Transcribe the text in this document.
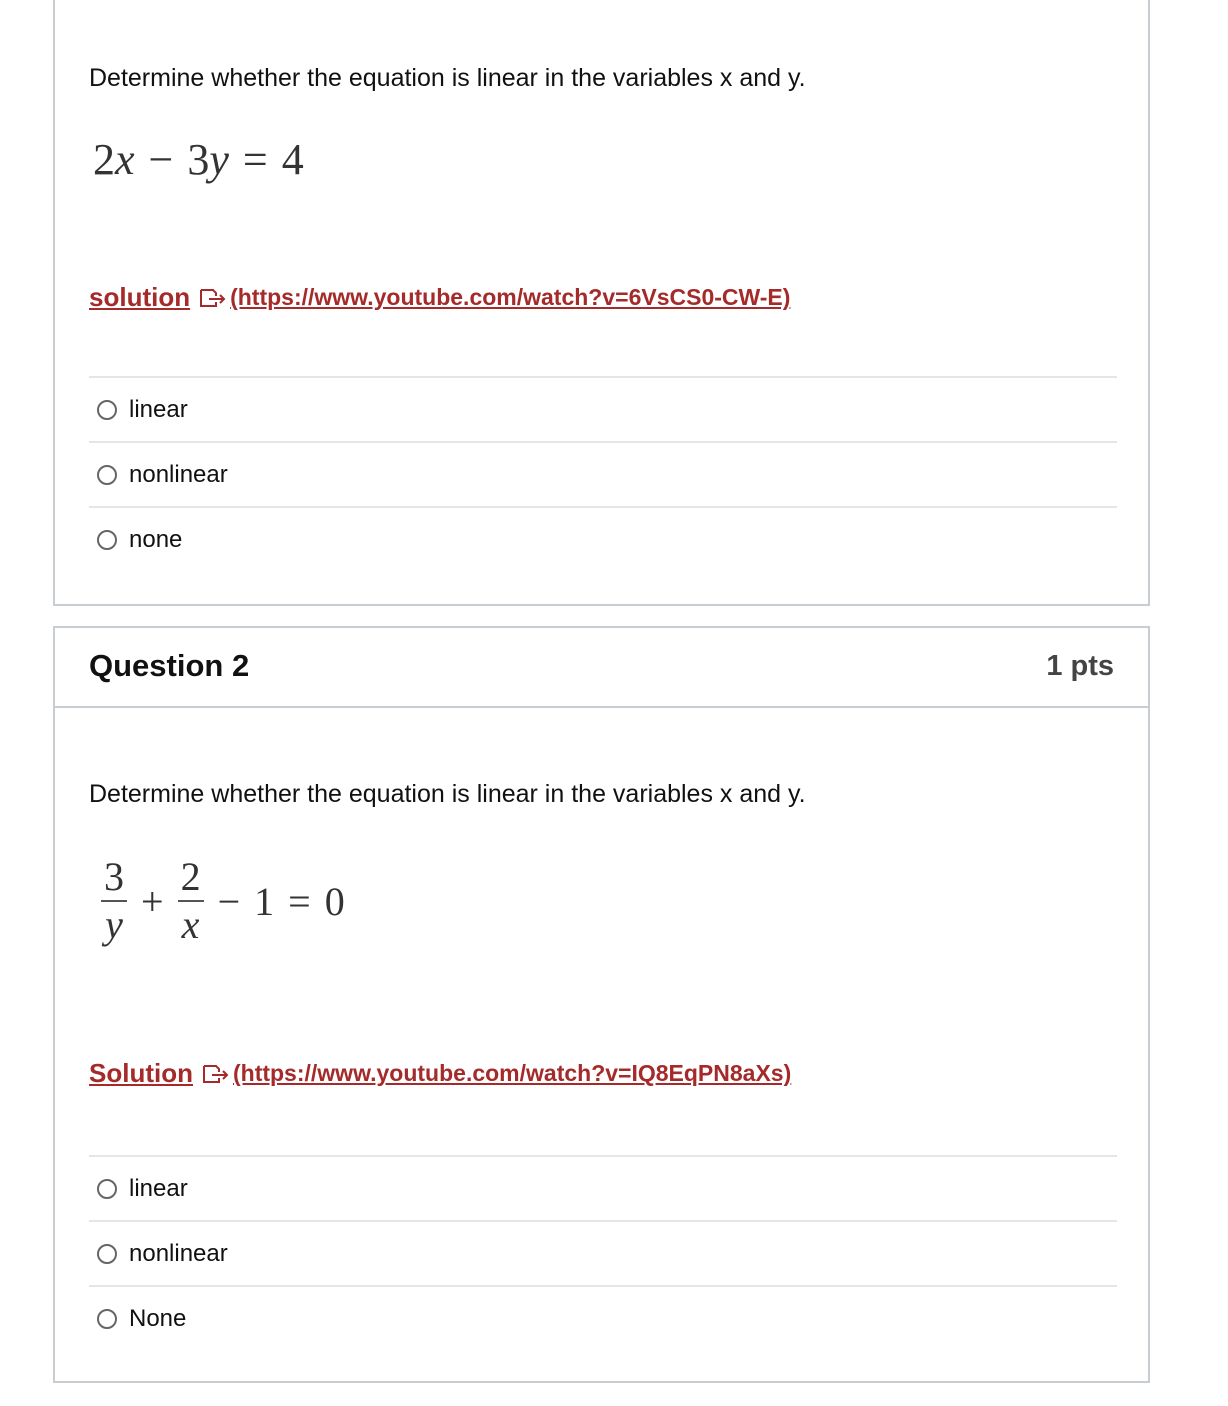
Determine whether the equation is linear in the variables x and y.
2x − 3y = 4
solution (https://www.youtube.com/watch?v=6VsCS0-CW-E)
linear
nonlinear
none
Question 2	1 pts
Determine whether the equation is linear in the variables x and y.
$\frac{3}{y} + \frac{2}{x} - 1 = 0$
Solution (https://www.youtube.com/watch?v=IQ8EqPN8aXs)
linear
nonlinear
None
